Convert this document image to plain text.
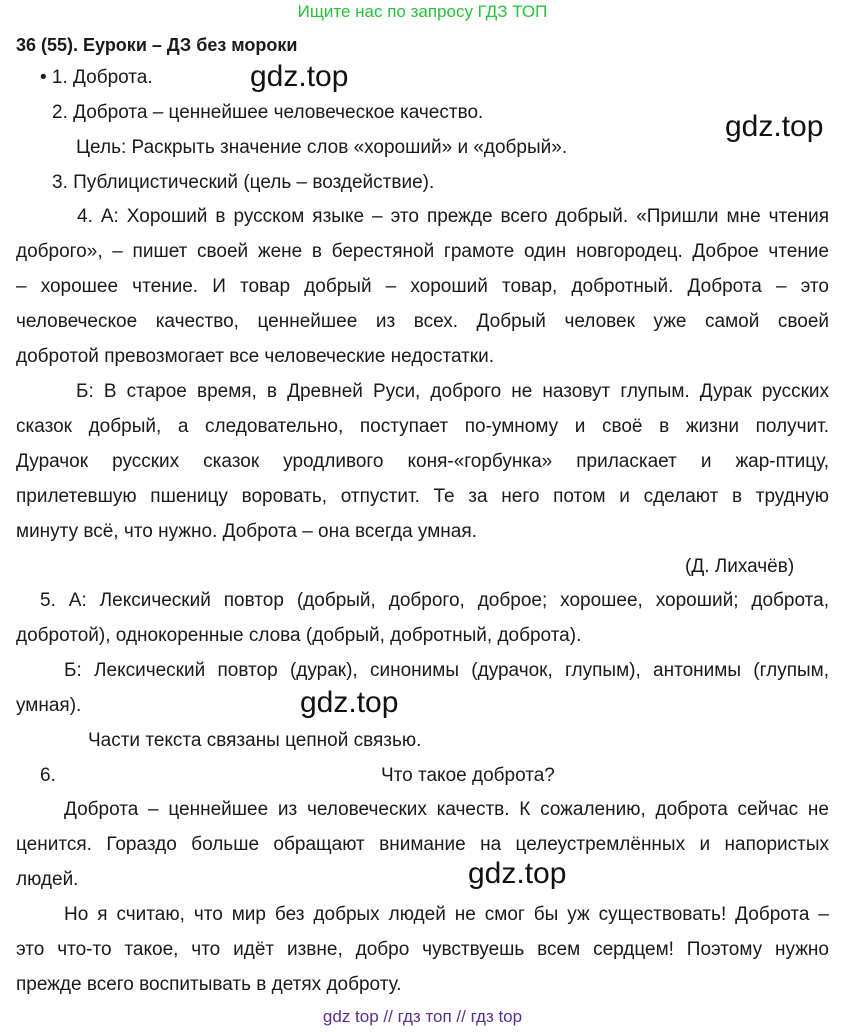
Ищите нас по запросу ГДЗ ТОП
36 (55). Еуроки – ДЗ без мороки
• 1. Доброта.
2. Доброта – ценнейшее человеческое качество.
Цель: Раскрыть значение слов «хороший» и «добрый».
3. Публицистический (цель – воздействие).
4. А: Хороший в русском языке – это прежде всего добрый. «Пришли мне чтения
доброго», – пишет своей жене в берестяной грамоте один новгородец. Доброе чтение
– хорошее чтение. И товар добрый – хороший товар, добротный. Доброта – это
человеческое качество, ценнейшее из всех. Добрый человек уже самой своей
добротой превозмогает все человеческие недостатки.
Б: В старое время, в Древней Руси, доброго не назовут глупым. Дурак русских
сказок добрый, а следовательно, поступает по-умному и своё в жизни получит.
Дурачок русских сказок уродливого коня-«горбунка» приласкает и жар-птицу,
прилетевшую пшеницу воровать, отпустит. Те за него потом и сделают в трудную
минуту всё, что нужно. Доброта – она всегда умная.
(Д. Лихачёв)
5. А: Лексический повтор (добрый, доброго, доброе; хорошее, хороший; доброта,
добротой), однокоренные слова (добрый, добротный, доброта).
Б: Лексический повтор (дурак), синонимы (дурачок, глупым), антонимы (глупым,
умная).
Части текста связаны цепной связью.
6.	Что такое доброта?
Доброта – ценнейшее из человеческих качеств. К сожалению, доброта сейчас не
ценится. Гораздо больше обращают внимание на целеустремлённых и напористых
людей.
Но я считаю, что мир без добрых людей не смог бы уж существовать! Доброта –
это что-то такое, что идёт извне, добро чувствуешь всем сердцем! Поэтому нужно
прежде всего воспитывать в детях доброту.
gdz.top
gdz.top
gdz.top
gdz.top
gdz top // гдз топ // гдз top
